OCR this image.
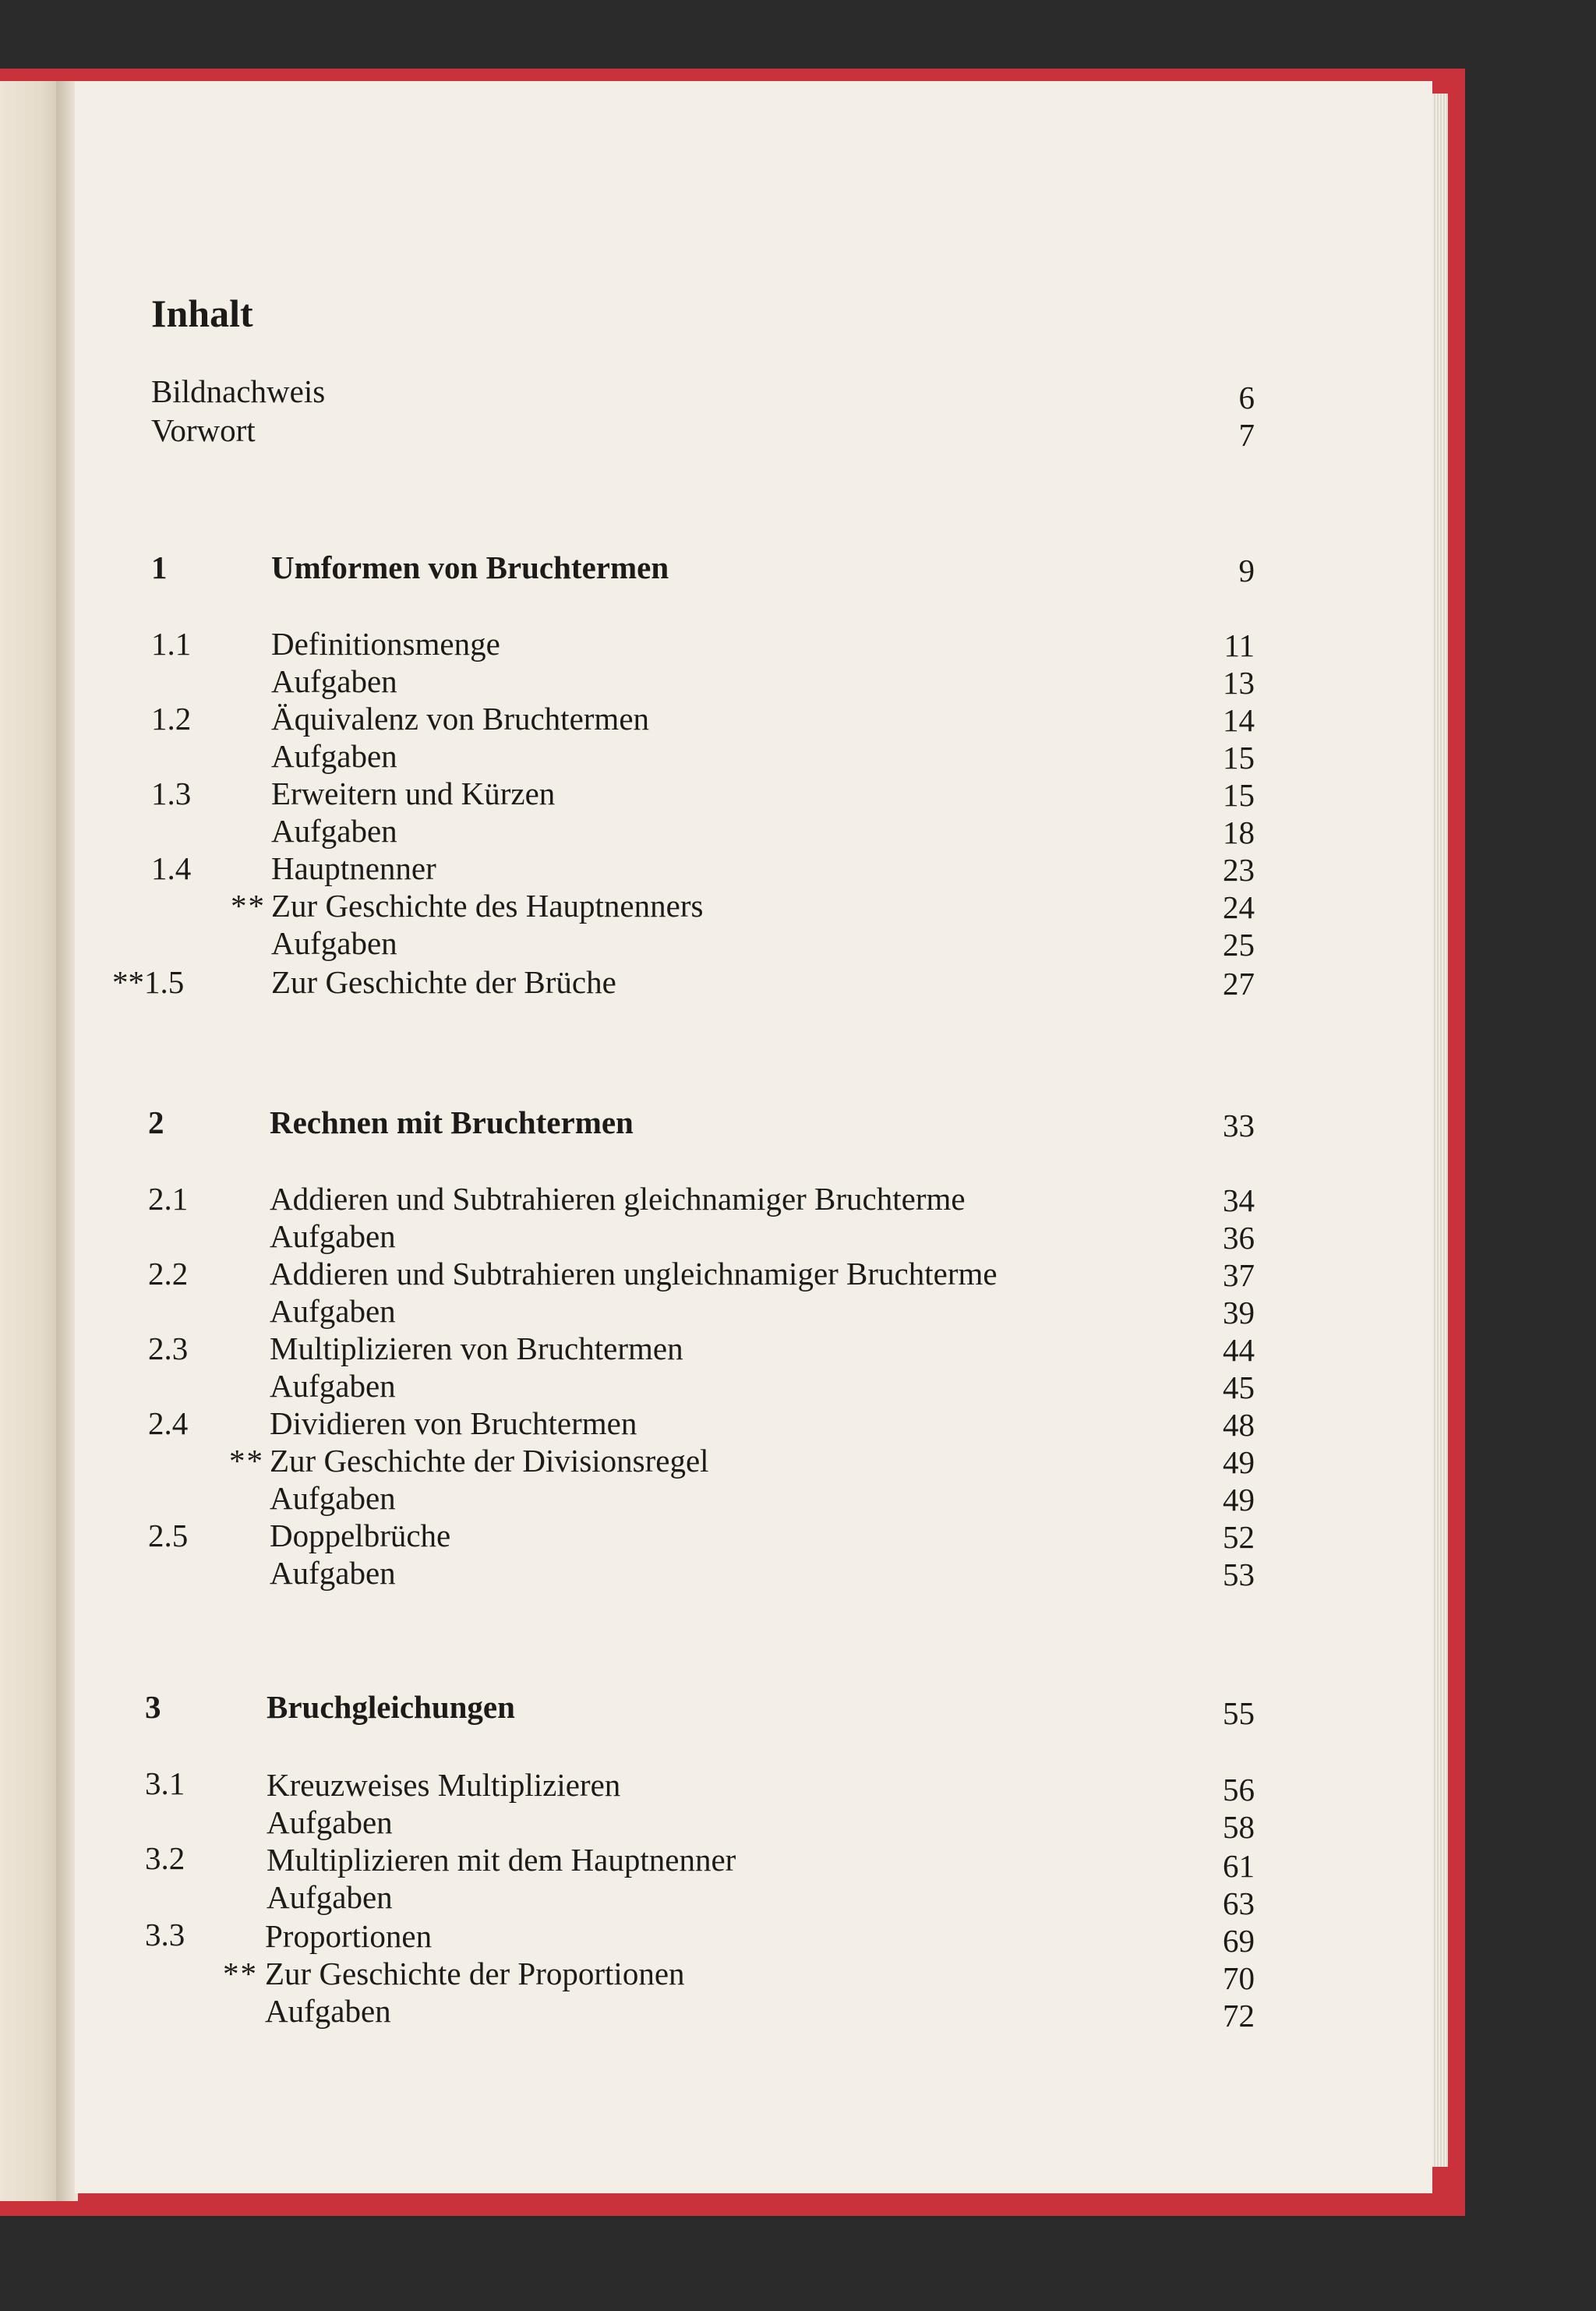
Inhalt
Bildnachweis	6
Vorwort	7
1	Umformen von Bruchtermen	9
1.1	Definitionsmenge	11
Aufgaben	13
1.2	Äquivalenz von Bruchtermen	14
Aufgaben	15
1.3	Erweitern und Kürzen	15
Aufgaben	18
1.4	Hauptnenner	23
** Zur Geschichte des Hauptnenners	24
Aufgaben	25
**1.5	Zur Geschichte der Brüche	27
2	Rechnen mit Bruchtermen	33
2.1	Addieren und Subtrahieren gleichnamiger Bruchterme	34
Aufgaben	36
2.2	Addieren und Subtrahieren ungleichnamiger Bruchterme	37
Aufgaben	39
2.3	Multiplizieren von Bruchtermen	44
Aufgaben	45
2.4	Dividieren von Bruchtermen	48
** Zur Geschichte der Divisionsregel	49
Aufgaben	49
2.5	Doppelbrüche	52
Aufgaben	53
3	Bruchgleichungen	55
3.1	Kreuzweises Multiplizieren	56
Aufgaben	58
3.2	Multiplizieren mit dem Hauptnenner	61
Aufgaben	63
3.3	Proportionen	69
** Zur Geschichte der Proportionen	70
Aufgaben	72
